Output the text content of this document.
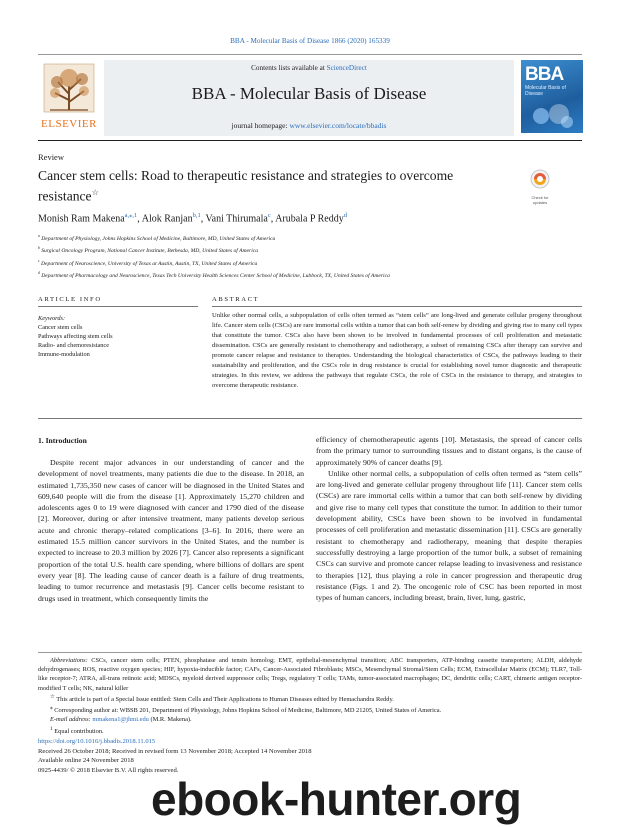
BBA - Molecular Basis of Disease 1866 (2020) 165339
ELSEVIER
Contents lists available at ScienceDirect
BBA - Molecular Basis of Disease
journal homepage: www.elsevier.com/locate/bbadis
BBA
Molecular Basis of Disease
Review
Cancer stem cells: Road to therapeutic resistance and strategies to overcome resistance☆
Check for updates
Monish Ram Makena$^{a,⁎,1}$, Alok Ranjan$^{b,1}$, Vani Thirumala$^c$, Arubala P Reddy$^d$
$^a$ Department of Physiology, Johns Hopkins School of Medicine, Baltimore, MD, United States of America
$^b$ Surgical Oncology Program, National Cancer Institute, Bethesda, MD, United States of America
$^c$ Department of Neuroscience, University of Texas at Austin, Austin, TX, United States of America
$^d$ Department of Pharmacology and Neuroscience, Texas Tech University Health Sciences Center School of Medicine, Lubbock, TX, United States of America
ARTICLE INFO	ABSTRACT
Keywords:
Cancer stem cells
Pathways affecting stem cells
Radio- and chemoresistance
Immune-modulation
Unlike other normal cells, a subpopulation of cells often termed as “stem cells” are long-lived and generate cellular progeny throughout life. Cancer stem cells (CSCs) are rare immortal cells within a tumor that can both self-renew by dividing and giving rise to many cell types that constitute the tumor. CSCs also have been shown to be involved in fundamental processes of cell proliferation and metastatic dissemination. CSCs are generally resistant to chemotherapy and radiotherapy, a subset of remaining CSCs after therapy can survive and promote cancer relapse and resistance to therapies. Understanding the biological characteristics of CSCs, the pathways leading to their sustainability and proliferation, and the CSCs role in drug resistance is crucial for establishing novel tumor diagnostic and therapeutic strategies. In this review, we address the pathways that regulate CSCs, the role of CSCs in the resistance to therapy, and strategies to overcome therapeutic resistance.
1. Introduction

Despite recent major advances in our understanding of cancer and the development of novel treatments, many patients die due to the disease. In 2018, an estimated 1,735,350 new cases of cancer will be diagnosed in the United States and 609,640 people will die from the disease [1]. Approximately 15,270 children and adolescents ages 0 to 19 were diagnosed with cancer and 1790 died of the disease [2]. Moreover, during or after intensive treatment, many patients develop serious acute and chronic therapy–related complications [3–6]. In 2016, there were an estimated 15.5 million cancer survivors in the United States, and the number is expected to increase to 20.3 million by 2026 [7]. Cancer also represents a significant proportion of the total U.S. health care spending, where billions of dollars are spent every year [8]. The leading cause of cancer death is a failure of drug treatments, leading to tumor recurrence and metastasis [9]. Cancer cells become resistant to drugs used in treatment, which consequently limits the

efficiency of chemotherapeutic agents [10]. Metastasis, the spread of cancer cells from the primary tumor to surrounding tissues and to distant organs, is the cause of approximately 90% of cancer deaths [9].

Unlike other normal cells, a subpopulation of cells often termed as “stem cells” are long-lived and generate cellular progeny throughout life [11]. Cancer stem cells (CSCs) are rare immortal cells within a tumor that can both self-renew by dividing and give rise to many cell types that constitute the tumor. In addition to their tumor development ability, CSCs have been shown to be involved in fundamental processes of cell proliferation and metastatic dissemination [11]. CSCs are generally resistant to chemotherapy and radiotherapy, meaning that despite therapies successfully destroying a large proportion of the tumor bulk, a subset of remaining CSCs can survive and promote cancer relapse leading to invasiveness and resistance to therapies [12], thus playing a role in cancer progression and therapeutic drug resistance (Figs. 1 and 2). The oncogenic role of CSC has been reported in most types of human cancers, including breast, brain, liver, lung, gastric,

Abbreviations: CSCs, cancer stem cells; PTEN, phosphatase and tensin homolog; EMT, epithelial-mesenchymal transition; ABC transporters, ATP-binding cassette transporters; ALDH, aldehyde dehydrogenases; ROS, reactive oxygen species; HIF, hypoxia-inducible factor; CAFs, Cancer-Associated Fibroblasts; MSCs, Mesenchymal Stromal/Stem Cells; ECM, Extracellular Matrix (ECM); TLR7, Toll-like receptor-7; ATRA, all-trans retinoic acid; MDSCs, myeloid derived suppressor cells; Tregs, regulatory T cells; TAMs, tumor-associated macrophages; DC, dendritic cells; CART, chimeric antigen receptor-modified T cells; NK, natural killer

☆ This article is part of a Special Issue entitled: Stem Cells and Their Applications to Human Diseases edited by Hemachandra Reddy.

⁎ Corresponding author at: WBSB 201, Department of Physiology, Johns Hopkins School of Medicine, Baltimore, MD 21205, United States of America.

E-mail address: mmakena1@jhmi.edu (M.R. Makena).

$^1$ Equal contribution.

https://doi.org/10.1016/j.bbadis.2018.11.015
Received 26 October 2018; Received in revised form 13 November 2018; Accepted 14 November 2018
Available online 24 November 2018
0925-4439/ © 2018 Elsevier B.V. All rights reserved.
ebook-hunter.org
